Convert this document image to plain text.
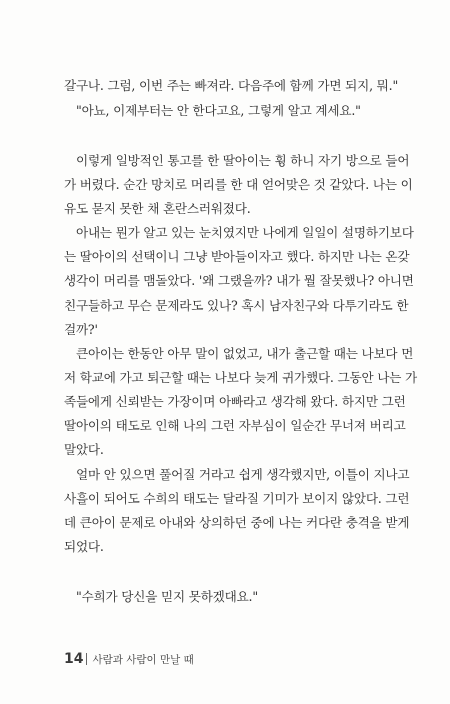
갈구나. 그럼, 이번 주는 빠져라. 다음주에 함께 가면 되지, 뭐."
"아뇨, 이제부터는 안 한다고요, 그렇게 알고 계세요."
이렇게 일방적인 통고를 한 딸아이는 휭 하니 자기 방으로 들어
가 버렸다. 순간 망치로 머리를 한 대 얻어맞은 것 같았다. 나는 이
유도 묻지 못한 채 혼란스러워졌다.
아내는 뭔가 알고 있는 눈치였지만 나에게 일일이 설명하기보다
는 딸아이의 선택이니 그냥 받아들이자고 했다. 하지만 나는 온갖
생각이 머리를 맴돌았다. '왜 그랬을까? 내가 뭘 잘못했나? 아니면
친구들하고 무슨 문제라도 있나? 혹시 남자친구와 다투기라도 한
걸까?'
큰아이는 한동안 아무 말이 없었고, 내가 출근할 때는 나보다 먼
저 학교에 가고 퇴근할 때는 나보다 늦게 귀가했다. 그동안 나는 가
족들에게 신뢰받는 가장이며 아빠라고 생각해 왔다. 하지만 그런
딸아이의 태도로 인해 나의 그런 자부심이 일순간 무너져 버리고
말았다.
얼마 안 있으면 풀어질 거라고 쉽게 생각했지만, 이틀이 지나고
사흘이 되어도 수희의 태도는 달라질 기미가 보이지 않았다. 그런
데 큰아이 문제로 아내와 상의하던 중에 나는 커다란 충격을 받게
되었다.
"수희가 당신을 믿지 못하겠대요."
14 사람과 사람이 만날 때
